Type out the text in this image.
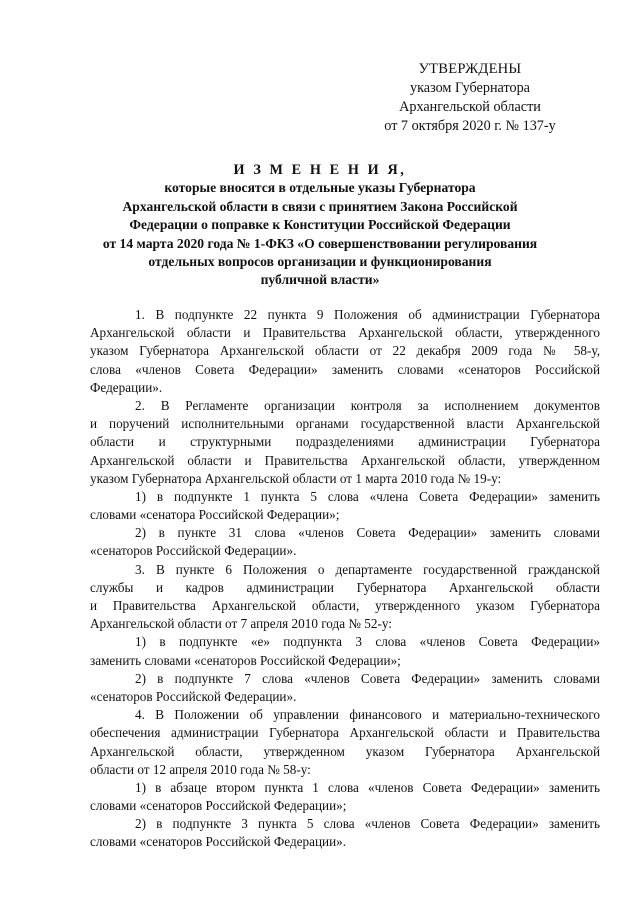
УТВЕРЖДЕНЫ
указом Губернатора
Архангельской области
от 7 октября 2020 г. № 137-у
И З М Е Н Е Н И Я,
которые вносятся в отдельные указы Губернатора
Архангельской области в связи с принятием Закона Российской
Федерации о поправке к Конституции Российской Федерации
от 14 марта 2020 года № 1-ФКЗ «О совершенствовании регулирования
отдельных вопросов организации и функционирования
публичной власти»
1. В подпункте 22 пункта 9 Положения об администрации Губернатора
Архангельской области и Правительства Архангельской области, утвержденного
указом Губернатора Архангельской области от 22 декабря 2009 года № 58-у,
слова «членов Совета Федерации» заменить словами «сенаторов Российской
Федерации».
2. В Регламенте организации контроля за исполнением документов
и поручений исполнительными органами государственной власти Архангельской
области и структурными подразделениями администрации Губернатора
Архангельской области и Правительства Архангельской области, утвержденном
указом Губернатора Архангельской области от 1 марта 2010 года № 19-у:
1) в подпункте 1 пункта 5 слова «члена Совета Федерации» заменить
словами «сенатора Российской Федерации»;
2) в пункте 31 слова «членов Совета Федерации» заменить словами
«сенаторов Российской Федерации».
3. В пункте 6 Положения о департаменте государственной гражданской
службы и кадров администрации Губернатора Архангельской области
и Правительства Архангельской области, утвержденного указом Губернатора
Архангельской области от 7 апреля 2010 года № 52-у:
1) в подпункте «е» подпункта 3 слова «членов Совета Федерации»
заменить словами «сенаторов Российской Федерации»;
2) в подпункте 7 слова «членов Совета Федерации» заменить словами
«сенаторов Российской Федерации».
4. В Положении об управлении финансового и материально-технического
обеспечения администрации Губернатора Архангельской области и Правительства
Архангельской области, утвержденном указом Губернатора Архангельской
области от 12 апреля 2010 года № 58-у:
1) в абзаце втором пункта 1 слова «членов Совета Федерации» заменить
словами «сенаторов Российской Федерации»;
2) в подпункте 3 пункта 5 слова «членов Совета Федерации» заменить
словами «сенаторов Российской Федерации».
